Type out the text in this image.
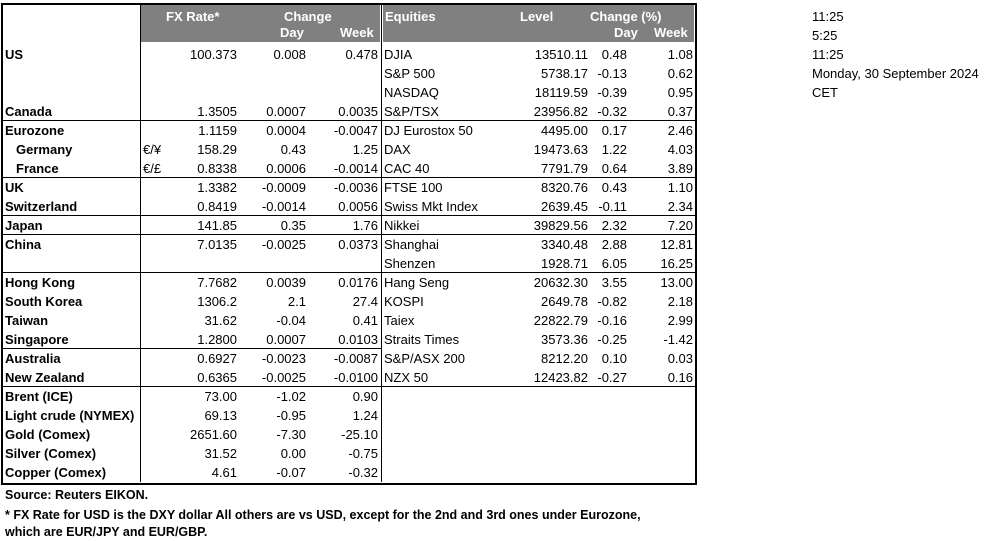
FX Rate*	Change
Day	Week
Equities	Level	Change (%)
Day Week
US	100.373	0.008	0.478 DJIA	13510.11	0.48	1.08
S&P 500	5738.17 -0.13	0.62
NASDAQ	18119.59 -0.39	0.95
Canada	1.3505	0.0007	0.0035 S&P/TSX	23956.82 -0.32	0.37
Eurozone	1.1159	0.0004	-0.0047 DJ Eurostox 50	4495.00	0.17	2.46
Germany	€/¥	158.29	0.43	1.25 DAX	19473.63	1.22	4.03
France	€/£	0.8338	0.0006	-0.0014 CAC 40	7791.79	0.64	3.89
UK	1.3382	-0.0009	-0.0036 FTSE 100	8320.76	0.43	1.10
Switzerland	0.8419	-0.0014	0.0056 Swiss Mkt Index	2639.45 -0.11	2.34
Japan	141.85	0.35	1.76 Nikkei	39829.56	2.32	7.20
China	7.0135	-0.0025	0.0373 Shanghai	3340.48	2.88	12.81
Shenzen	1928.71	6.05	16.25
Hong Kong	7.7682	0.0039	0.0176 Hang Seng	20632.30	3.55	13.00
South Korea	1306.2	2.1	27.4 KOSPI	2649.78 -0.82	2.18
Taiwan	31.62	-0.04	0.41 Taiex	22822.79 -0.16	2.99
Singapore	1.2800	0.0007	0.0103 Straits Times	3573.36 -0.25	-1.42
Australia	0.6927	-0.0023	-0.0087 S&P/ASX 200	8212.20	0.10	0.03
New Zealand	0.6365	-0.0025	-0.0100 NZX 50	12423.82 -0.27	0.16
Brent (ICE)	73.00	-1.02	0.90
Light crude (NYMEX)	69.13	-0.95	1.24
Gold (Comex)	2651.60	-7.30	-25.10
Silver (Comex)	31.52	0.00	-0.75
Copper (Comex)	4.61	-0.07	-0.32
11:25
5:25
11:25
Monday, 30 September 2024
CET
Source: Reuters EIKON.
* FX Rate for USD is the DXY dollar All others are vs USD, except for the 2nd and 3rd ones under Eurozone,
which are EUR/JPY and EUR/GBP.
